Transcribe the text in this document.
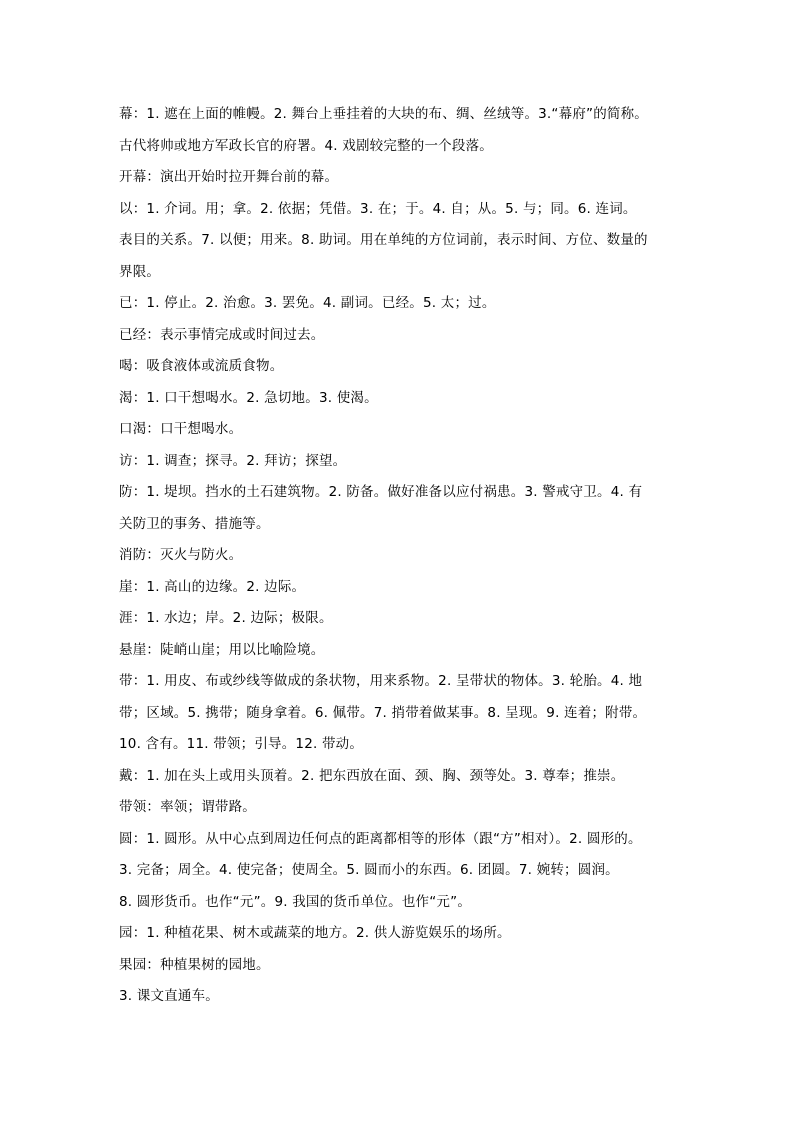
幕：1. 遮在上面的帷幔。2. 舞台上垂挂着的大块的布、绸、丝绒等。3.“幕府”的简称。
古代将帅或地方军政长官的府署。4. 戏剧较完整的一个段落。
开幕：演出开始时拉开舞台前的幕。
以：1. 介词。用；拿。2. 依据；凭借。3. 在；于。4. 自；从。5. 与；同。6. 连词。
表目的关系。7. 以便；用来。8. 助词。用在单纯的方位词前，表示时间、方位、数量的
界限。
已：1. 停止。2. 治愈。3. 罢免。4. 副词。已经。5. 太；过。
已经：表示事情完成或时间过去。
喝：吸食液体或流质食物。
渴：1. 口干想喝水。2. 急切地。3. 使渴。
口渴：口干想喝水。
访：1. 调查；探寻。2. 拜访；探望。
防：1. 堤坝。挡水的土石建筑物。2. 防备。做好准备以应付祸患。3. 警戒守卫。4. 有
关防卫的事务、措施等。
消防：灭火与防火。
崖：1. 高山的边缘。2. 边际。
涯：1. 水边；岸。2. 边际；极限。
悬崖：陡峭山崖；用以比喻险境。
带：1. 用皮、布或纱线等做成的条状物，用来系物。2. 呈带状的物体。3. 轮胎。4. 地
带；区域。5. 携带；随身拿着。6. 佩带。7. 捎带着做某事。8. 呈现。9. 连着；附带。
10. 含有。11. 带领；引导。12. 带动。
戴：1. 加在头上或用头顶着。2. 把东西放在面、颈、胸、颈等处。3. 尊奉；推崇。
带领：率领；谓带路。
圆：1. 圆形。从中心点到周边任何点的距离都相等的形体（跟“方”相对）。2. 圆形的。
3. 完备；周全。4. 使完备；使周全。5. 圆而小的东西。6. 团圆。7. 婉转；圆润。
8. 圆形货币。也作“元”。9. 我国的货币单位。也作“元”。
园：1. 种植花果、树木或蔬菜的地方。2. 供人游览娱乐的场所。
果园：种植果树的园地。
3. 课文直通车。
